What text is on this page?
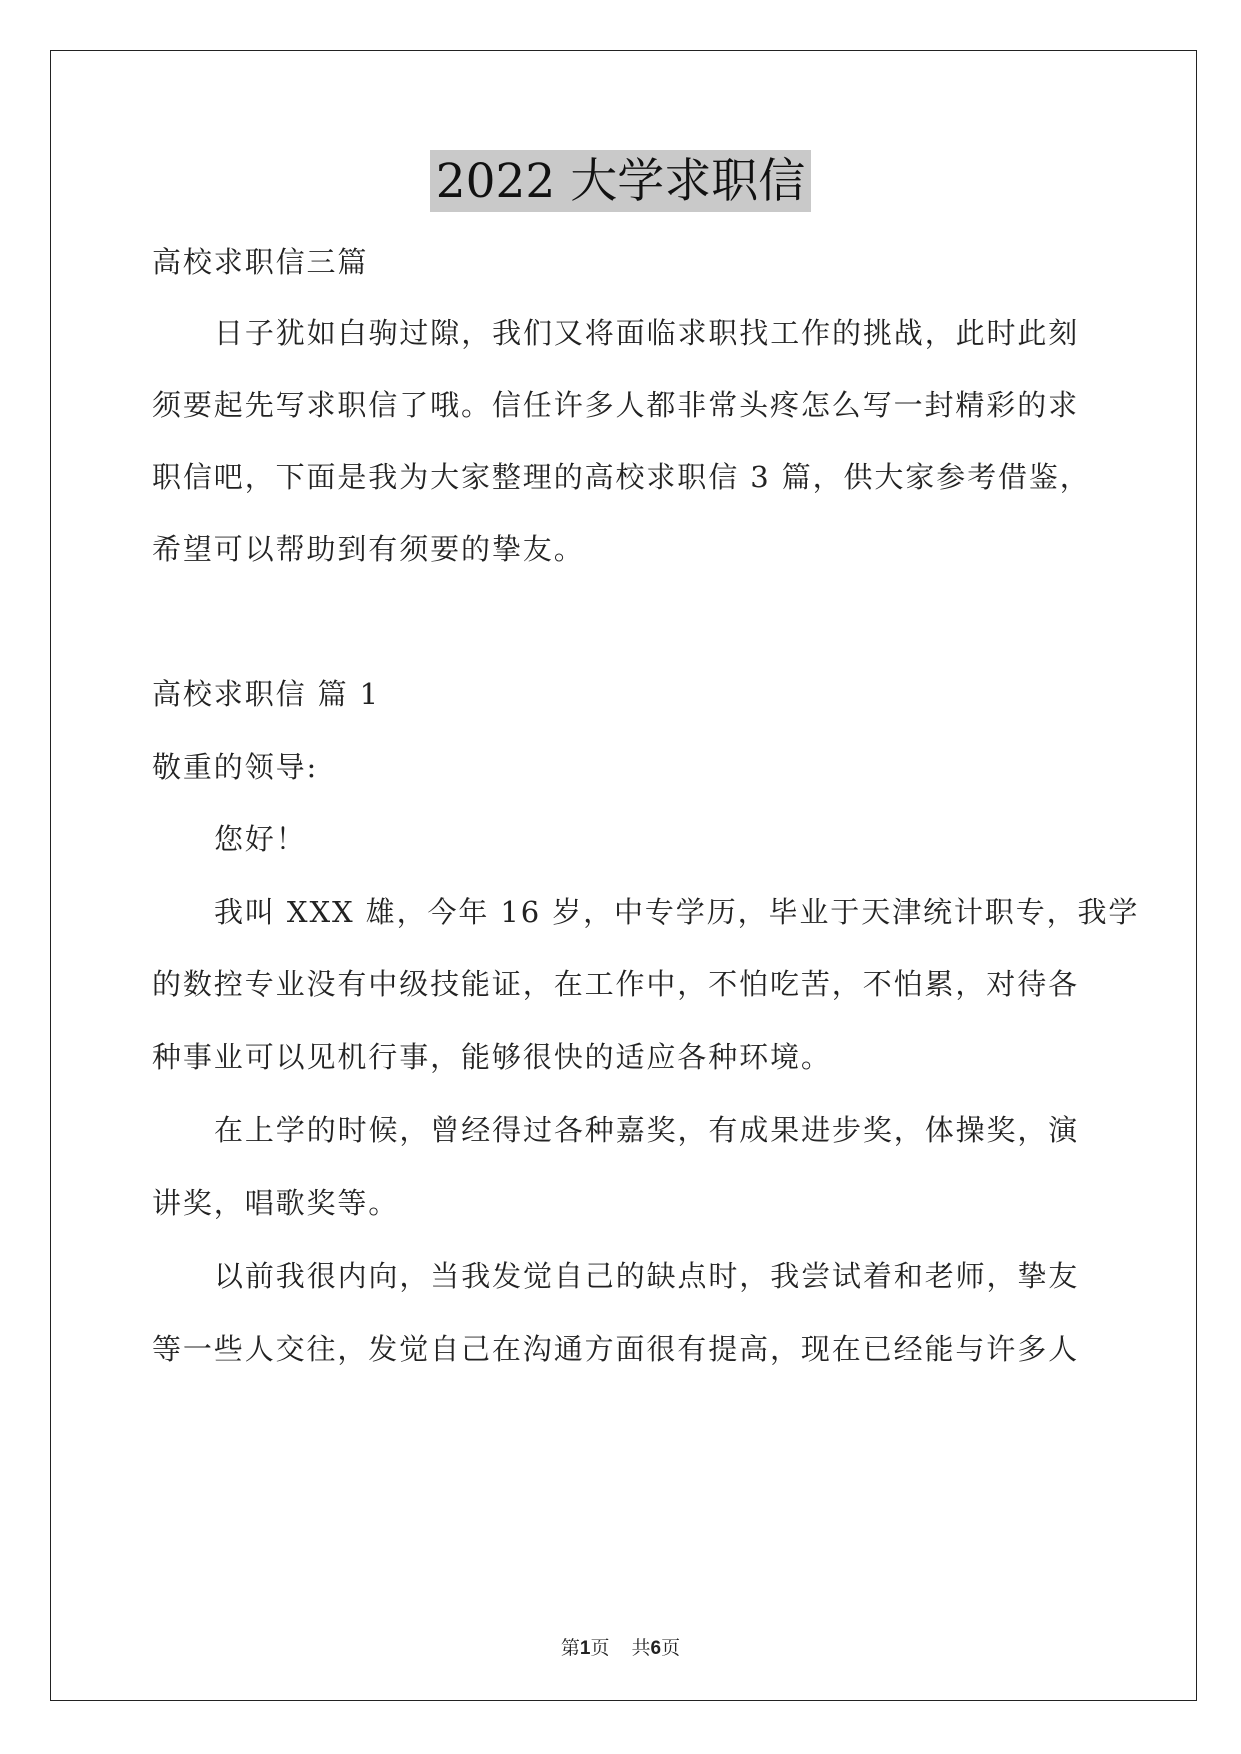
2022 大学求职信
高校求职信三篇
日子犹如白驹过隙，我们又将面临求职找工作的挑战，此时此刻
须要起先写求职信了哦。信任许多人都非常头疼怎么写一封精彩的求
职信吧，下面是我为大家整理的高校求职信 3 篇，供大家参考借鉴，
希望可以帮助到有须要的挚友。
高校求职信 篇 1
敬重的领导:
您好！
我叫 XXX 雄，今年 16 岁，中专学历，毕业于天津统计职专，我学
的数控专业没有中级技能证，在工作中，不怕吃苦，不怕累，对待各
种事业可以见机行事，能够很快的适应各种环境。
在上学的时候，曾经得过各种嘉奖，有成果进步奖，体操奖，演
讲奖，唱歌奖等。
以前我很内向，当我发觉自己的缺点时，我尝试着和老师，挚友
等一些人交往，发觉自己在沟通方面很有提高，现在已经能与许多人
第1页 共6页
